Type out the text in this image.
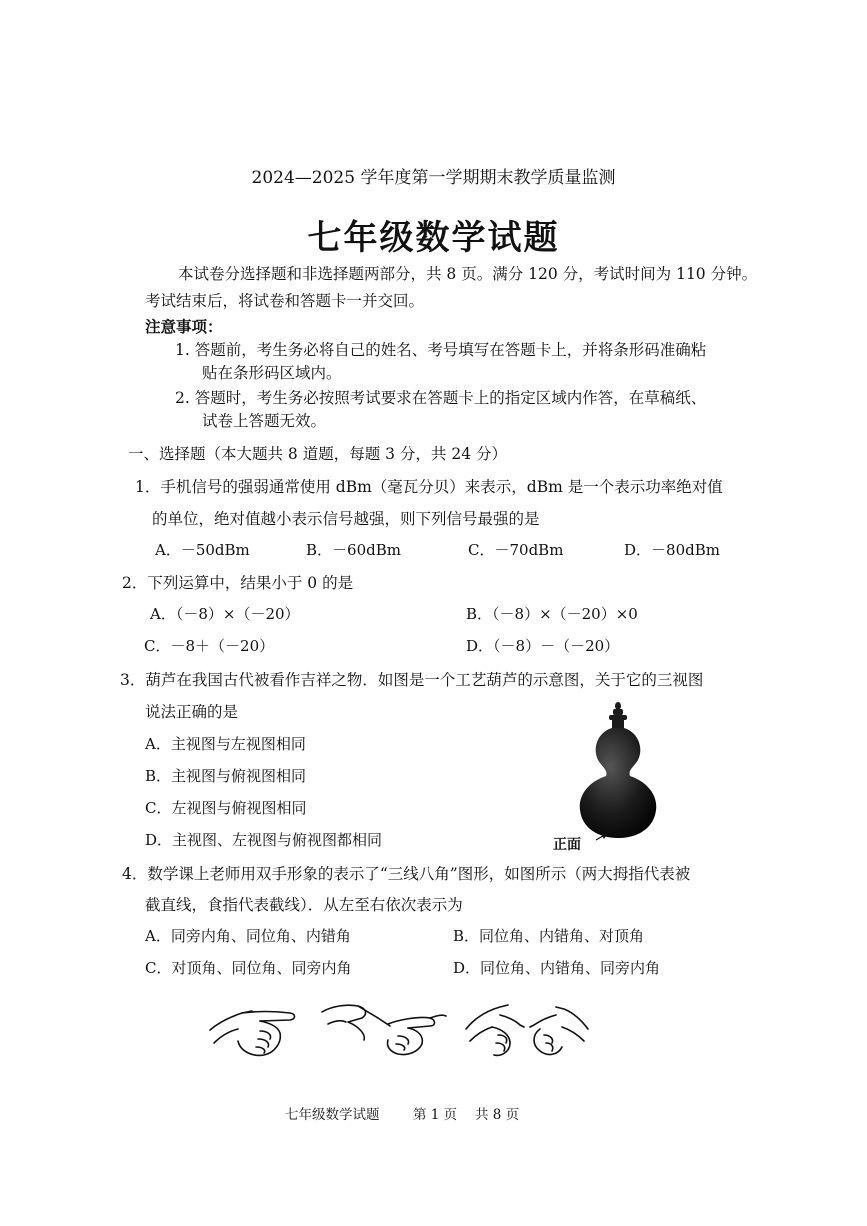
2024—2025 学年度第一学期期末教学质量监测
七年级数学试题
本试卷分选择题和非选择题两部分，共 8 页。满分 120 分，考试时间为 110 分钟。
考试结束后，将试卷和答题卡一并交回。
注意事项：
1. 答题前，考生务必将自己的姓名、考号填写在答题卡上，并将条形码准确粘
贴在条形码区域内。
2. 答题时，考生务必按照考试要求在答题卡上的指定区域内作答，在草稿纸、
试卷上答题无效。
一、选择题（本大题共 8 道题，每题 3 分，共 24 分）
1．手机信号的强弱通常使用 dBm（毫瓦分贝）来表示，dBm 是一个表示功率绝对值
的单位，绝对值越小表示信号越强，则下列信号最强的是
A．－50dBm	B．－60dBm	C．－70dBm	D．－80dBm
2．下列运算中，结果小于 0 的是
A．（－8）×（－20）	B．（－8）×（－20）×0
C．－8＋（－20）	D．（－8）－（－20）
3．葫芦在我国古代被看作吉祥之物．如图是一个工艺葫芦的示意图，关于它的三视图
说法正确的是
A．主视图与左视图相同
B．主视图与俯视图相同
C．左视图与俯视图相同
D．主视图、左视图与俯视图都相同	正面
4．数学课上老师用双手形象的表示了“三线八角”图形，如图所示（两大拇指代表被
截直线，食指代表截线）．从左至右依次表示为
A．同旁内角、同位角、内错角	B．同位角、内错角、对顶角
C．对顶角、同位角、同旁内角	D．同位角、内错角、同旁内角
七年级数学试题 第 1 页　 共 8 页
